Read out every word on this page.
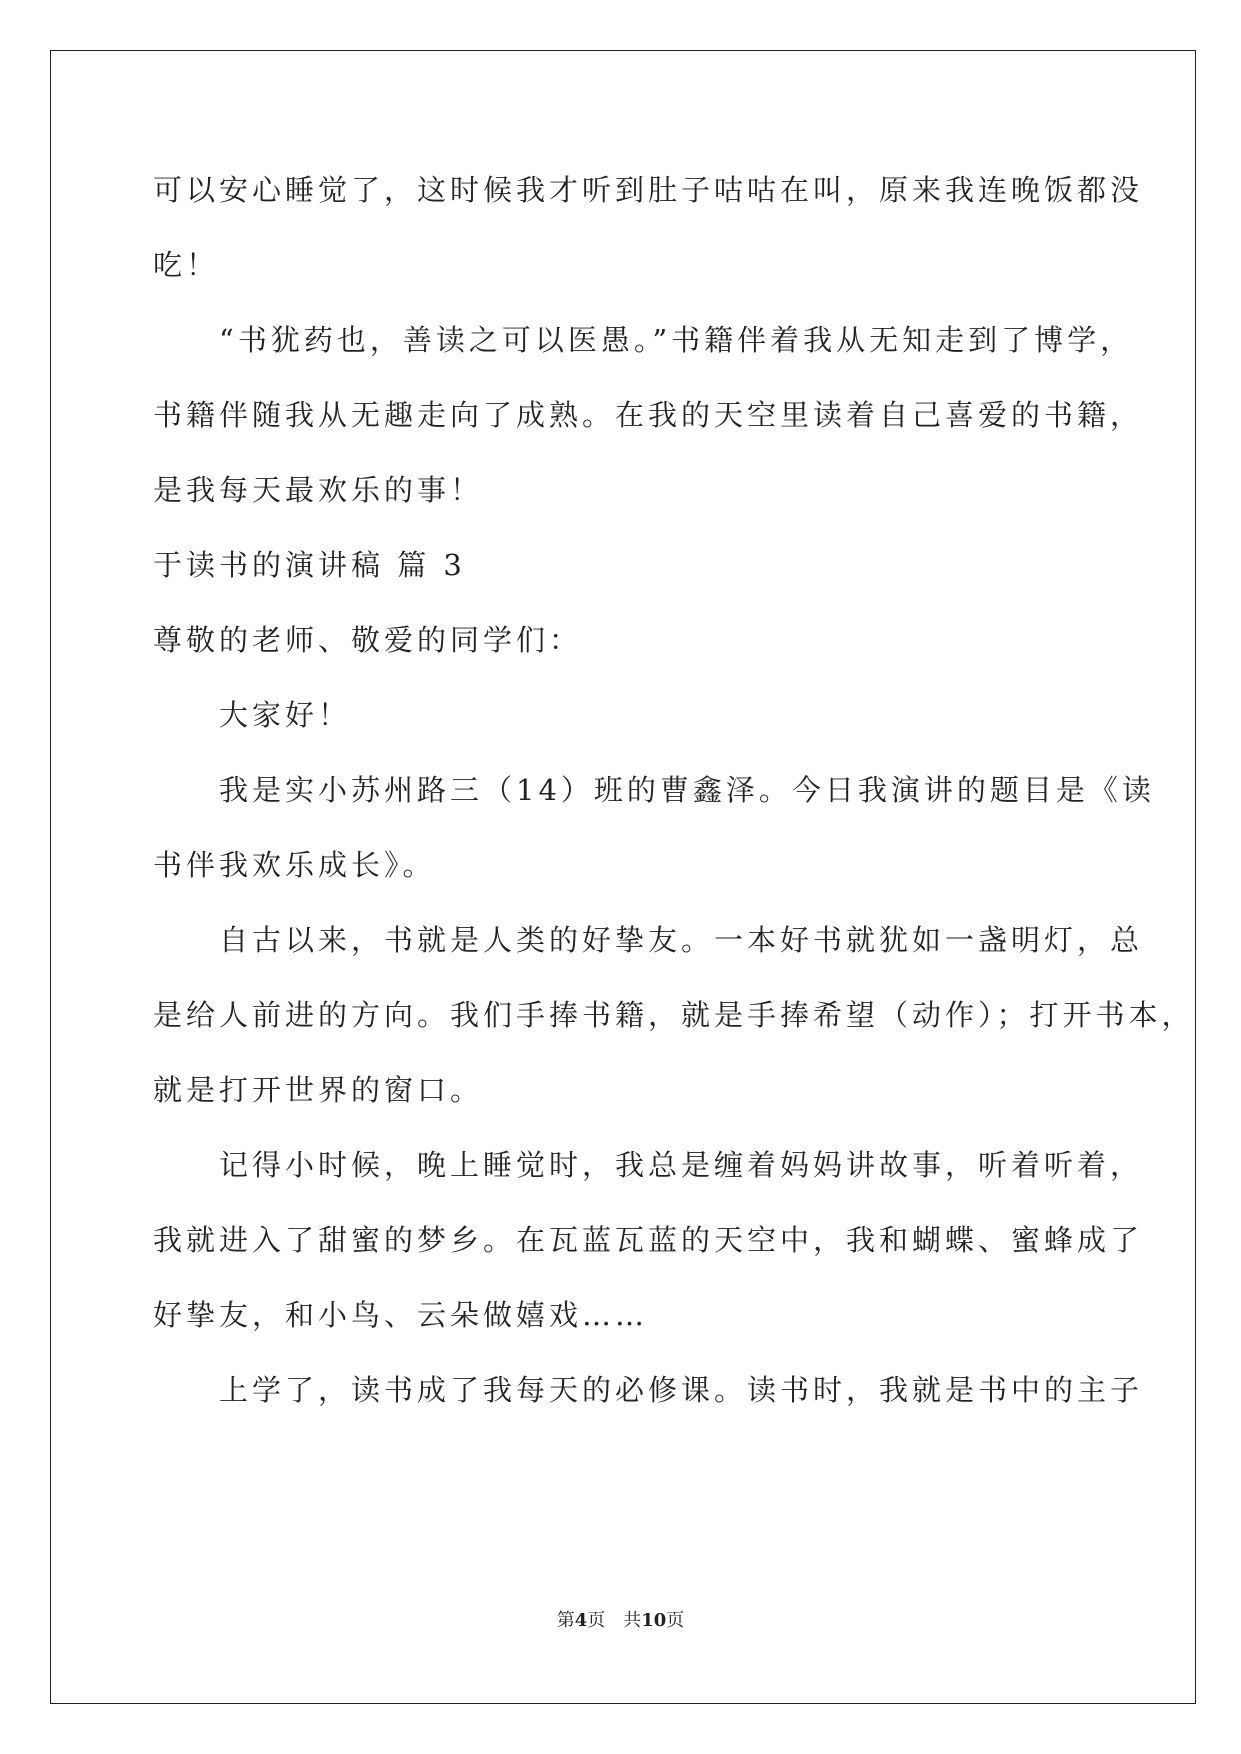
可以安心睡觉了，这时候我才听到肚子咕咕在叫，原来我连晚饭都没

吃！

　　“书犹药也，善读之可以医愚。”书籍伴着我从无知走到了博学，

书籍伴随我从无趣走向了成熟。在我的天空里读着自己喜爱的书籍，

是我每天最欢乐的事！

于读书的演讲稿 篇 3

尊敬的老师、敬爱的同学们：

　　大家好！

　　我是实小苏州路三（14）班的曹鑫泽。今日我演讲的题目是《读

书伴我欢乐成长》。

　　自古以来，书就是人类的好挚友。一本好书就犹如一盏明灯，总

是给人前进的方向。我们手捧书籍，就是手捧希望（动作）；打开书本，

就是打开世界的窗口。

　　记得小时候，晚上睡觉时，我总是缠着妈妈讲故事，听着听着，

我就进入了甜蜜的梦乡。在瓦蓝瓦蓝的天空中，我和蝴蝶、蜜蜂成了

好挚友，和小鸟、云朵做嬉戏……

　　上学了，读书成了我每天的必修课。读书时，我就是书中的主子

第4页　共10页
